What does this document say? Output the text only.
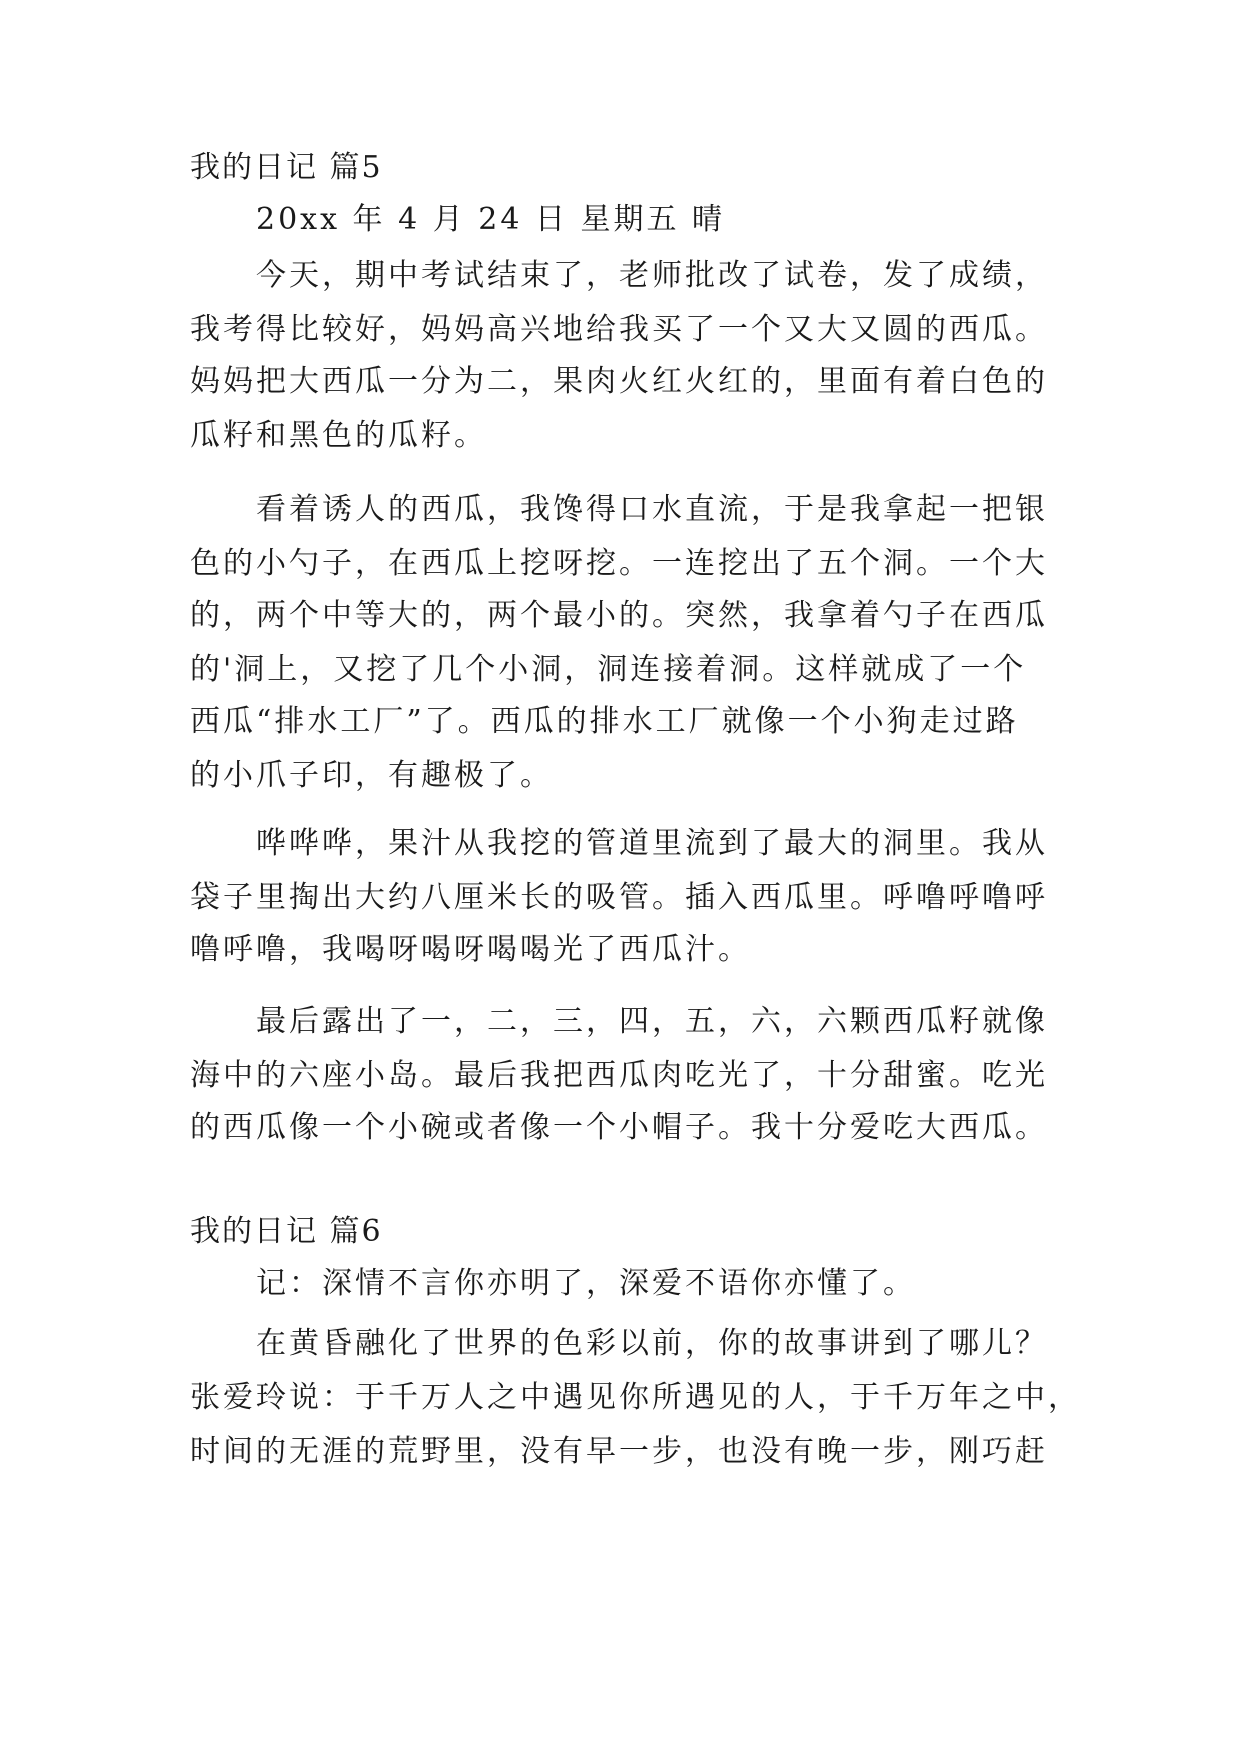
我的日记 篇5
20xx 年 4 月 24 日 星期五 晴
今天，期中考试结束了，老师批改了试卷，发了成绩，
我考得比较好，妈妈高兴地给我买了一个又大又圆的西瓜。
妈妈把大西瓜一分为二，果肉火红火红的，里面有着白色的
瓜籽和黑色的瓜籽。
看着诱人的西瓜，我馋得口水直流，于是我拿起一把银
色的小勺子，在西瓜上挖呀挖。一连挖出了五个洞。一个大
的，两个中等大的，两个最小的。突然，我拿着勺子在西瓜
的'洞上，又挖了几个小洞，洞连接着洞。这样就成了一个
西瓜“排水工厂”了。西瓜的排水工厂就像一个小狗走过路
的小爪子印，有趣极了。
哗哗哗，果汁从我挖的管道里流到了最大的洞里。我从
袋子里掏出大约八厘米长的吸管。插入西瓜里。呼噜呼噜呼
噜呼噜，我喝呀喝呀喝喝光了西瓜汁。
最后露出了一，二，三，四，五，六，六颗西瓜籽就像
海中的六座小岛。最后我把西瓜肉吃光了，十分甜蜜。吃光
的西瓜像一个小碗或者像一个小帽子。我十分爱吃大西瓜。
我的日记 篇6
记：深情不言你亦明了，深爱不语你亦懂了。
在黄昏融化了世界的色彩以前，你的故事讲到了哪儿？
张爱玲说：于千万人之中遇见你所遇见的人，于千万年之中，
时间的无涯的荒野里，没有早一步，也没有晚一步，刚巧赶
